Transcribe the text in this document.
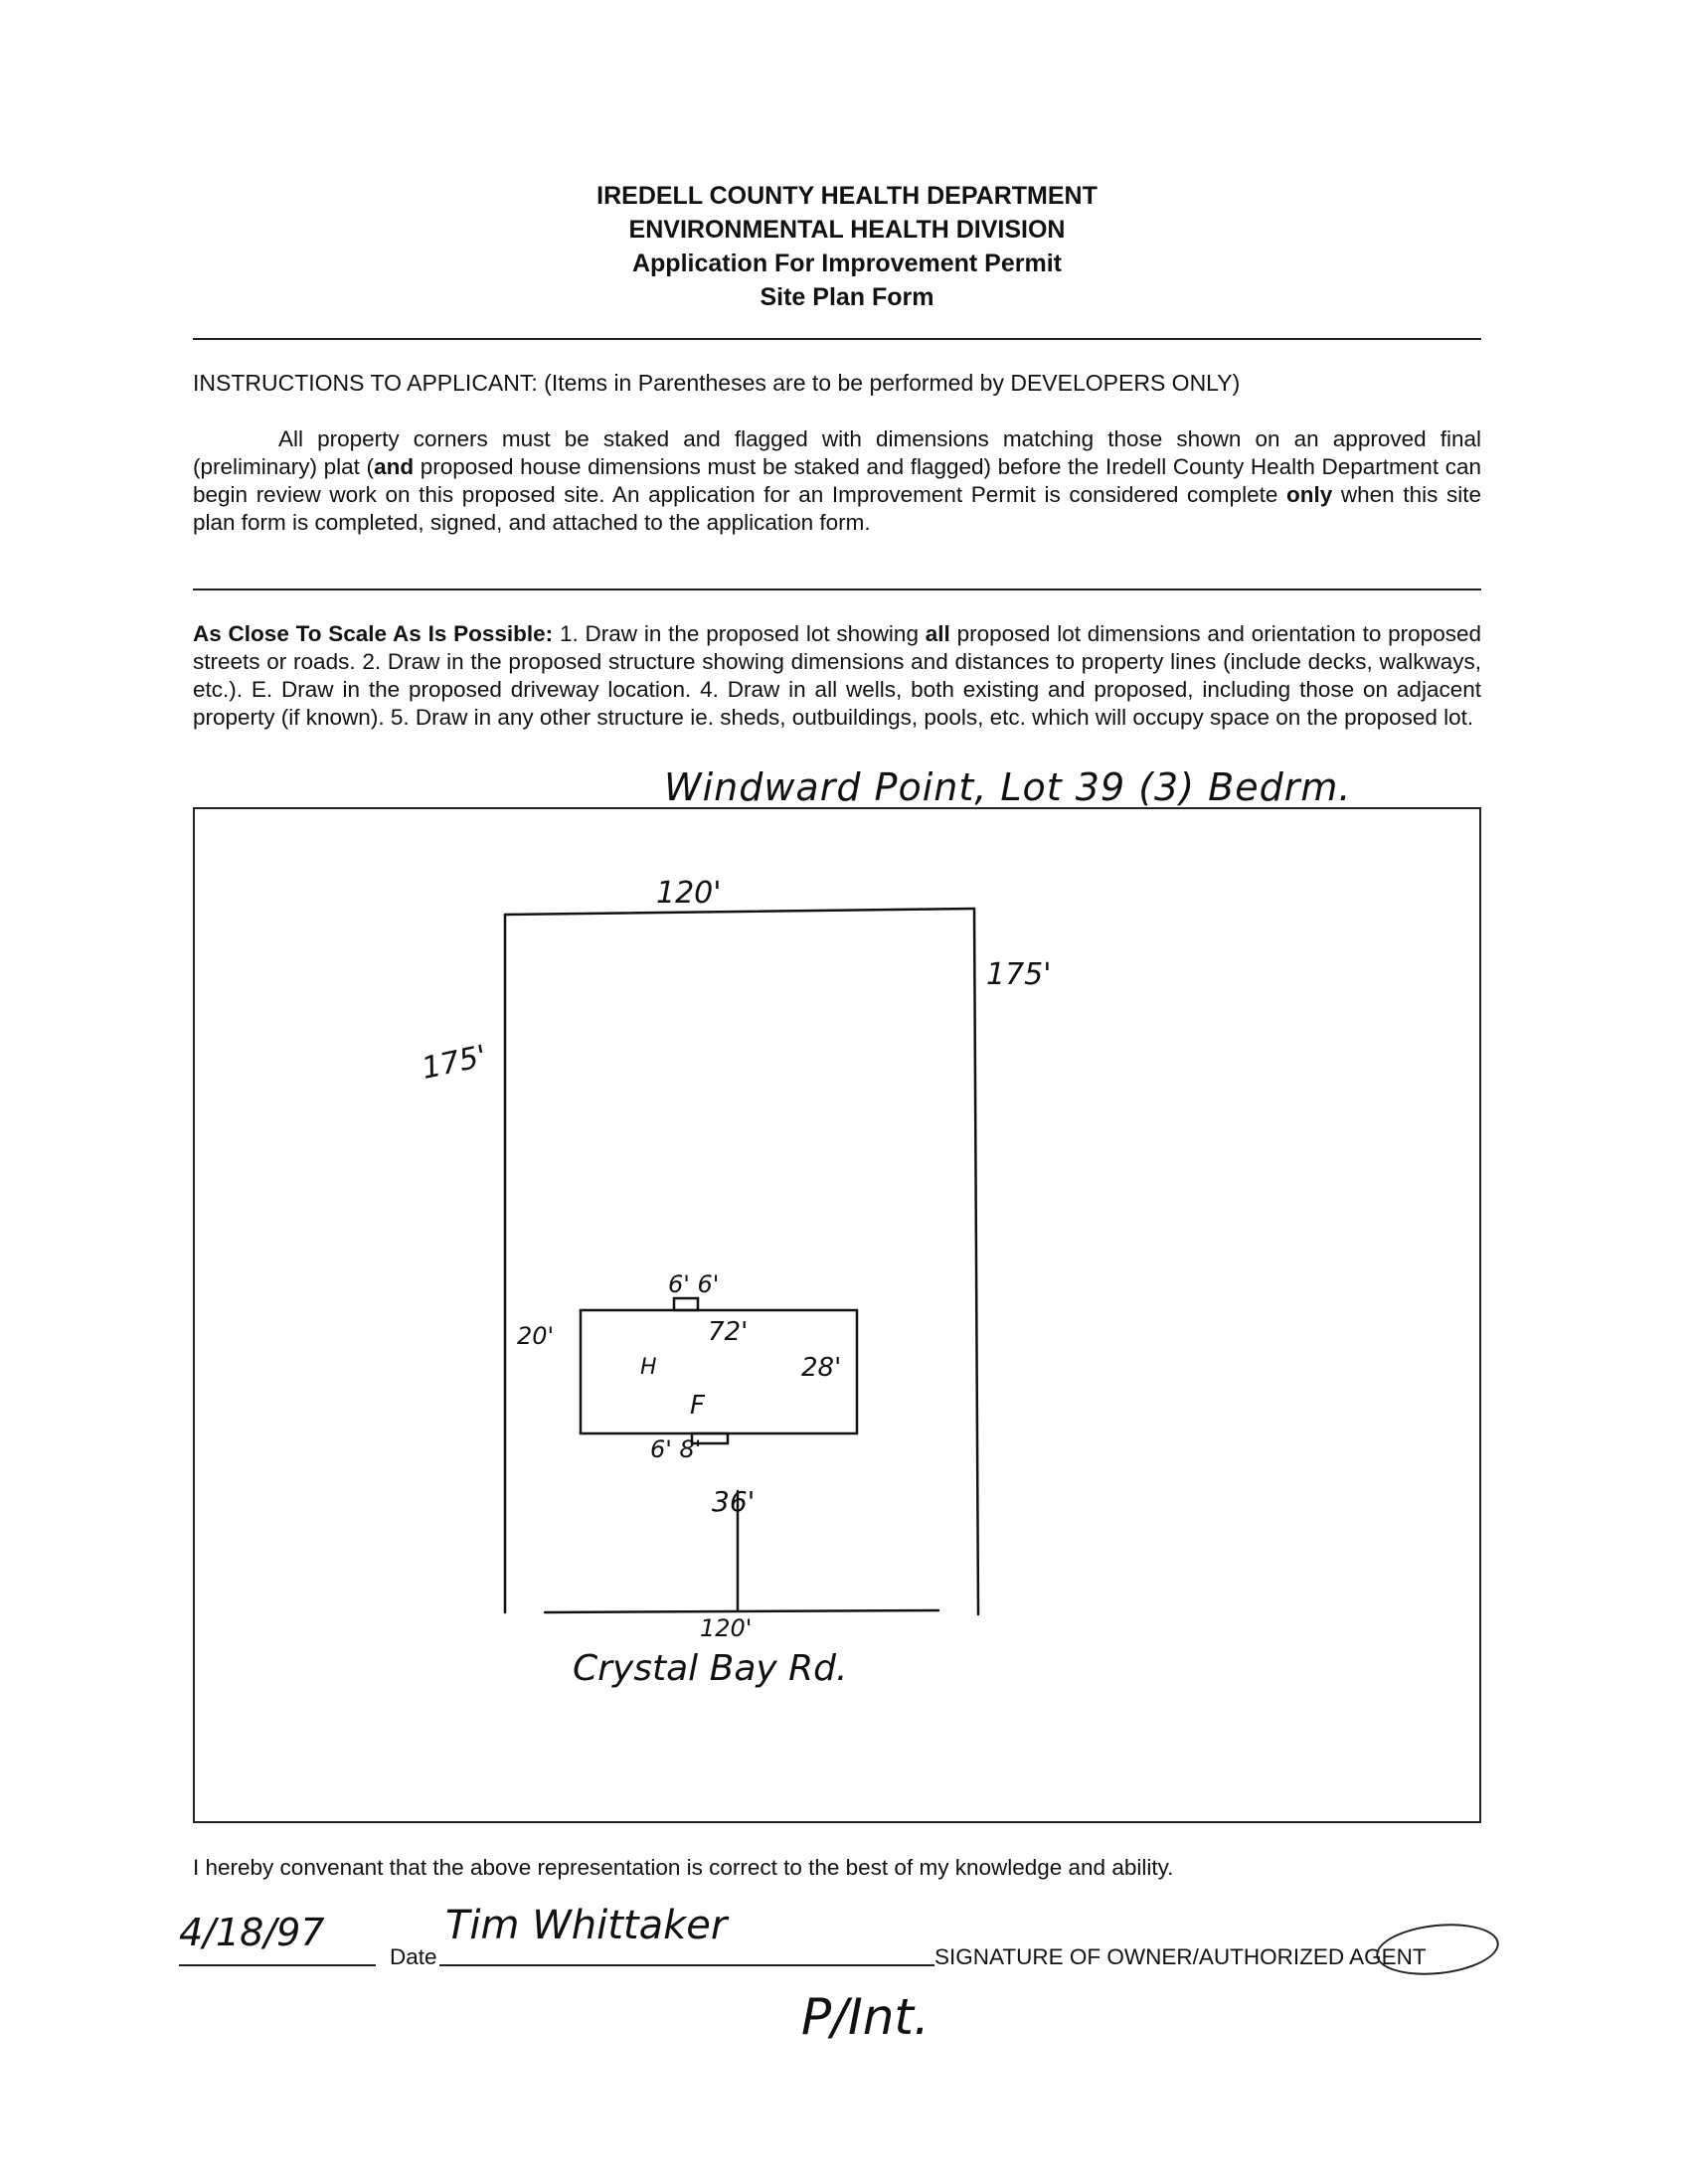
IREDELL COUNTY HEALTH DEPARTMENT
ENVIRONMENTAL HEALTH DIVISION
Application For Improvement Permit
Site Plan Form
INSTRUCTIONS TO APPLICANT: (Items in Parentheses are to be performed by DEVELOPERS ONLY)
All property corners must be staked and flagged with dimensions matching those shown on an approved final (preliminary) plat (and proposed house dimensions must be staked and flagged) before the Iredell County Health Department can begin review work on this proposed site. An application for an Improvement Permit is considered complete only when this site plan form is completed, signed, and attached to the application form.
As Close To Scale As Is Possible: 1. Draw in the proposed lot showing all proposed lot dimensions and orientation to proposed streets or roads. 2. Draw in the proposed structure showing dimensions and distances to property lines (include decks, walkways, etc.). E. Draw in the proposed driveway location. 4. Draw in all wells, both existing and proposed, including those on adjacent property (if known). 5. Draw in any other structure ie. sheds, outbuildings, pools, etc. which will occupy space on the proposed lot.
Windward Point, Lot 39 (3) Bedrm.
120'
175'
175'
6' 6'
72'
28'
20'
H
F
6' 8'
36'
120'
Crystal Bay Rd.
I hereby convenant that the above representation is correct to the best of my knowledge and ability.
4/18/97
Date
Tim Whittaker
SIGNATURE OF OWNER/AUTHORIZED AGENT
P/Int.
